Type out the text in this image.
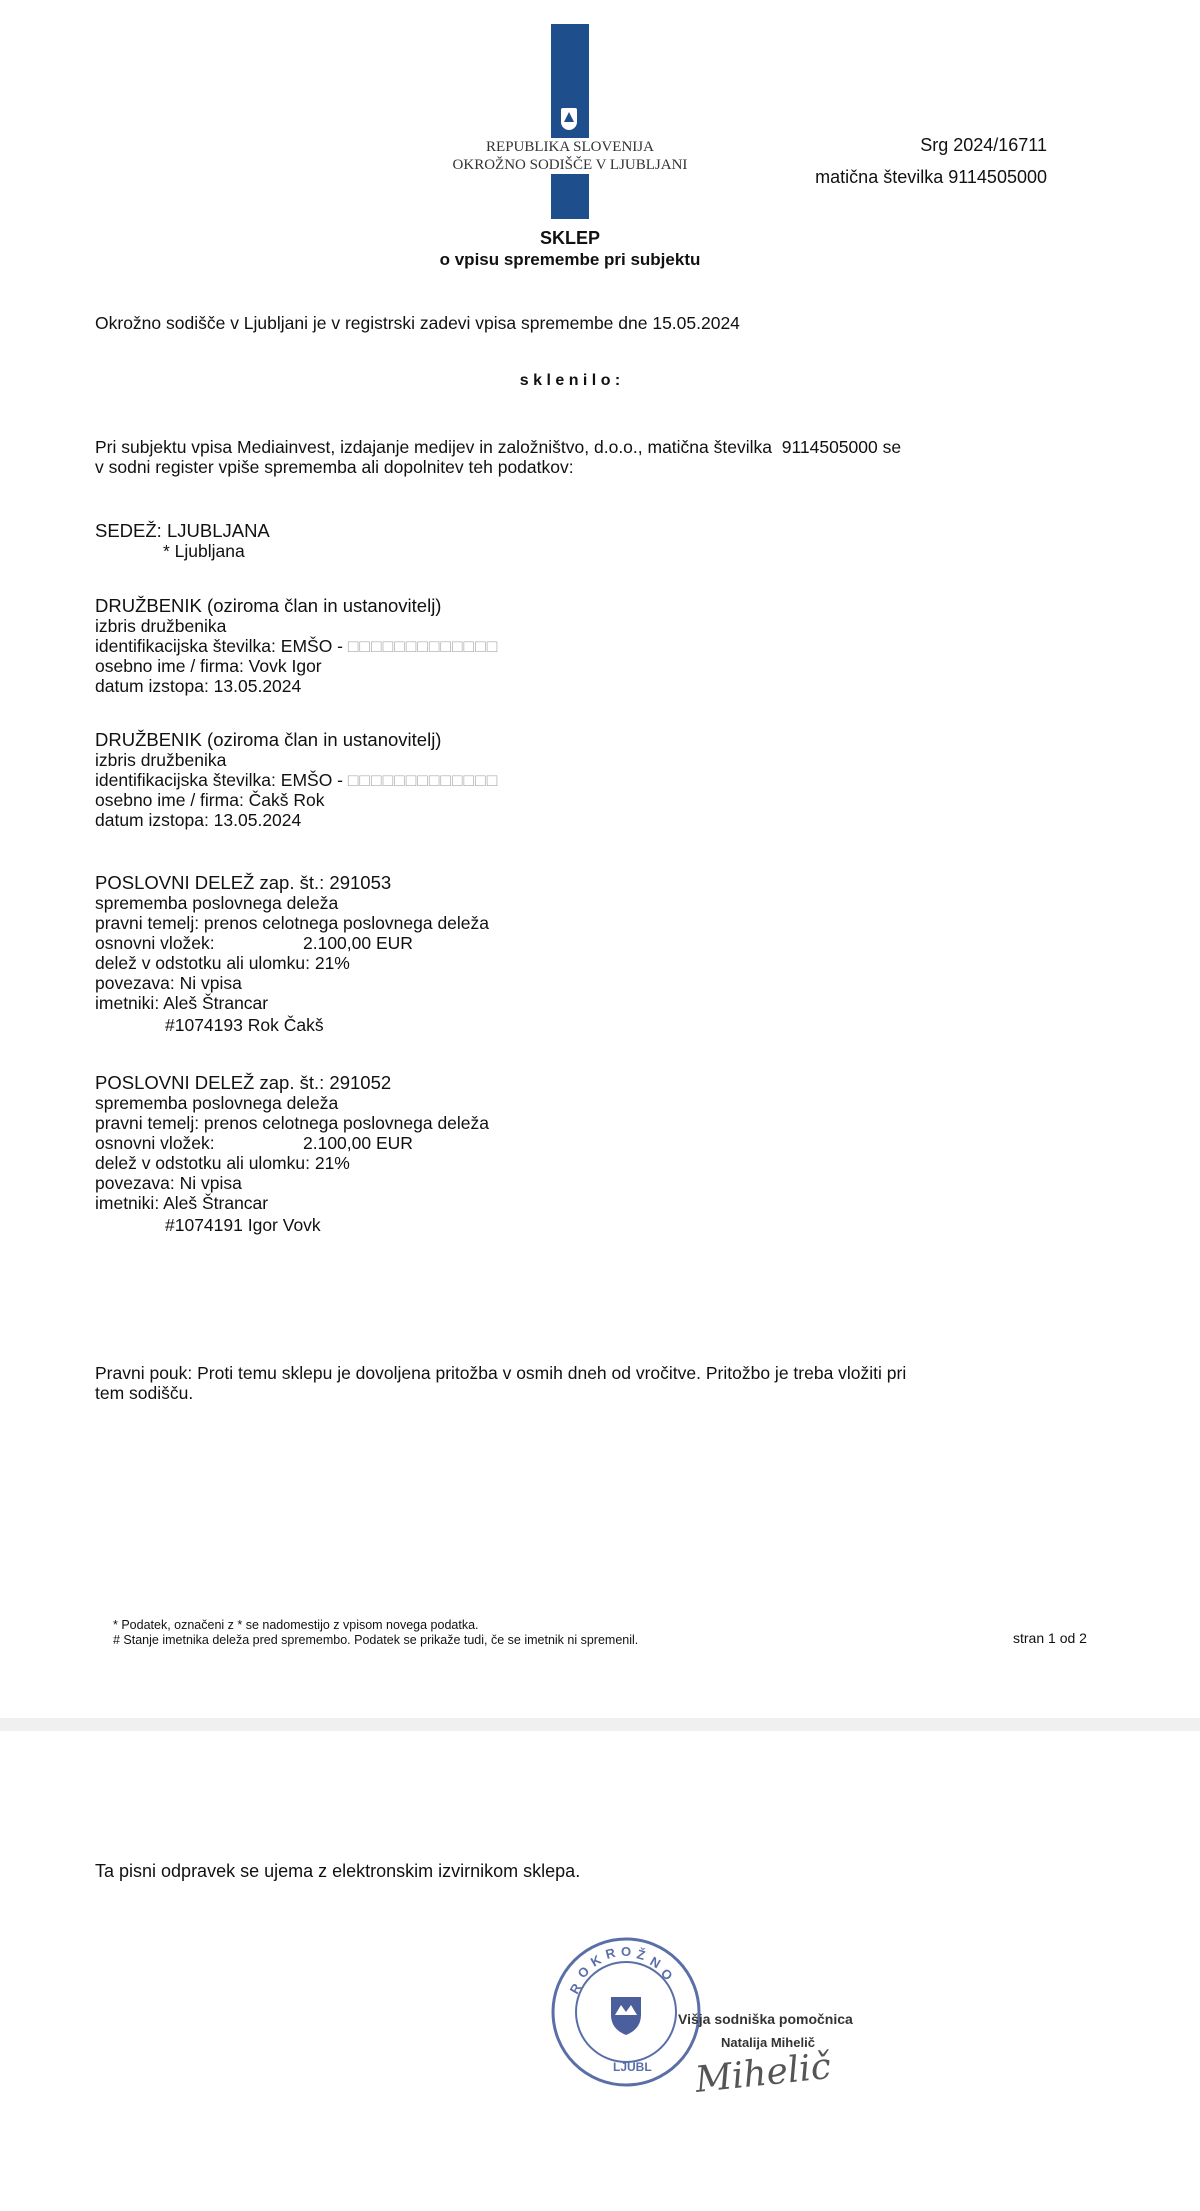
REPUBLIKA SLOVENIJA
OKROŽNO SODIŠČE V LJUBLJANI
Srg 2024/16711
matična številka 9114505000
SKLEP
o vpisu spremembe pri subjektu
Okrožno sodišče v Ljubljani je v registrski zadevi vpisa spremembe dne 15.05.2024
s k l e n i l o :
Pri subjektu vpisa Mediainvest, izdajanje medijev in založništvo, d.o.o., matična številka  9114505000 se
v sodni register vpiše sprememba ali dopolnitev teh podatkov:
SEDEŽ: LJUBLJANA
* Ljubljana
DRUŽBENIK (oziroma član in ustanovitelj)
izbris družbenika
identifikacijska številka: EMŠO - □□□□□□□□□□□□□
osebno ime / firma: Vovk Igor
datum izstopa: 13.05.2024
DRUŽBENIK (oziroma član in ustanovitelj)
izbris družbenika
identifikacijska številka: EMŠO - □□□□□□□□□□□□□
osebno ime / firma: Čakš Rok
datum izstopa: 13.05.2024
POSLOVNI DELEŽ zap. št.: 291053
sprememba poslovnega deleža
pravni temelj: prenos celotnega poslovnega deleža
osnovni vložek:	2.100,00 EUR
delež v odstotku ali ulomku: 21%
povezava: Ni vpisa
imetniki: Aleš Štrancar
#1074193 Rok Čakš
POSLOVNI DELEŽ zap. št.: 291052
sprememba poslovnega deleža
pravni temelj: prenos celotnega poslovnega deleža
osnovni vložek:	2.100,00 EUR
delež v odstotku ali ulomku: 21%
povezava: Ni vpisa
imetniki: Aleš Štrancar
#1074191 Igor Vovk
Pravni pouk: Proti temu sklepu je dovoljena pritožba v osmih dneh od vročitve. Pritožbo je treba vložiti pri
tem sodišču.
* Podatek, označeni z * se nadomestijo z vpisom novega podatka.
# Stanje imetnika deleža pred spremembo. Podatek se prikaže tudi, če se imetnik ni spremenil.	stran 1 od 2
Ta pisni odpravek se ujema z elektronskim izvirnikom sklepa.
R
O
K R O Ž N
O
LJUBL
Višja sodniška pomočnica
Natalija Mihelič
Mihelič
